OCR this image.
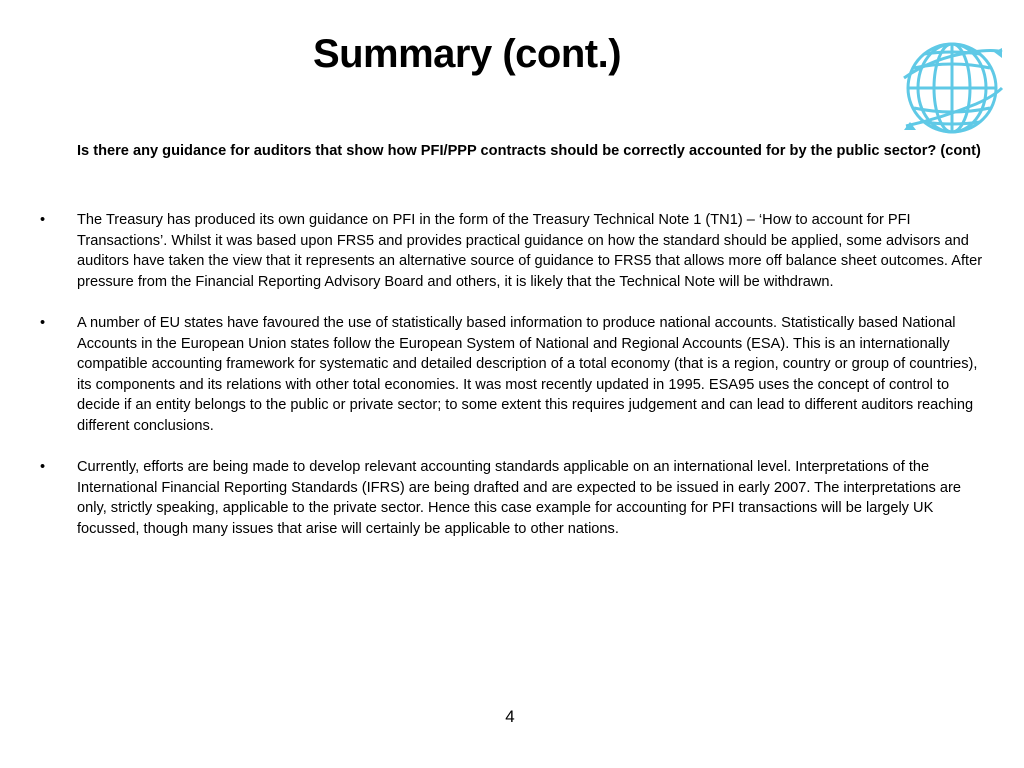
Summary (cont.)
Is there any guidance for auditors that show how PFI/PPP contracts should be correctly accounted for by the public sector? (cont)
• The Treasury has produced its own guidance on PFI in the form of the Treasury Technical Note 1 (TN1) – ‘How to account for PFI Transactions’. Whilst it was based upon FRS5 and provides practical guidance on how the standard should be applied, some advisors and auditors have taken the view that it represents an alternative source of guidance to FRS5 that allows more off balance sheet outcomes. After pressure from the Financial Reporting Advisory Board and others, it is likely that the Technical Note will be withdrawn.
• A number of EU states have favoured the use of statistically based information to produce national accounts. Statistically based National Accounts in the European Union states follow the European System of National and Regional Accounts (ESA). This is an internationally compatible accounting framework for systematic and detailed description of a total economy (that is a region, country or group of countries), its components and its relations with other total economies. It was most recently updated in 1995. ESA95 uses the concept of control to decide if an entity belongs to the public or private sector; to some extent this requires judgement and can lead to different auditors reaching different conclusions.
• Currently, efforts are being made to develop relevant accounting standards applicable on an international level. Interpretations of the International Financial Reporting Standards (IFRS) are being drafted and are expected to be issued in early 2007. The interpretations are only, strictly speaking, applicable to the private sector. Hence this case example for accounting for PFI transactions will be largely UK focussed, though many issues that arise will certainly be applicable to other nations.
4
